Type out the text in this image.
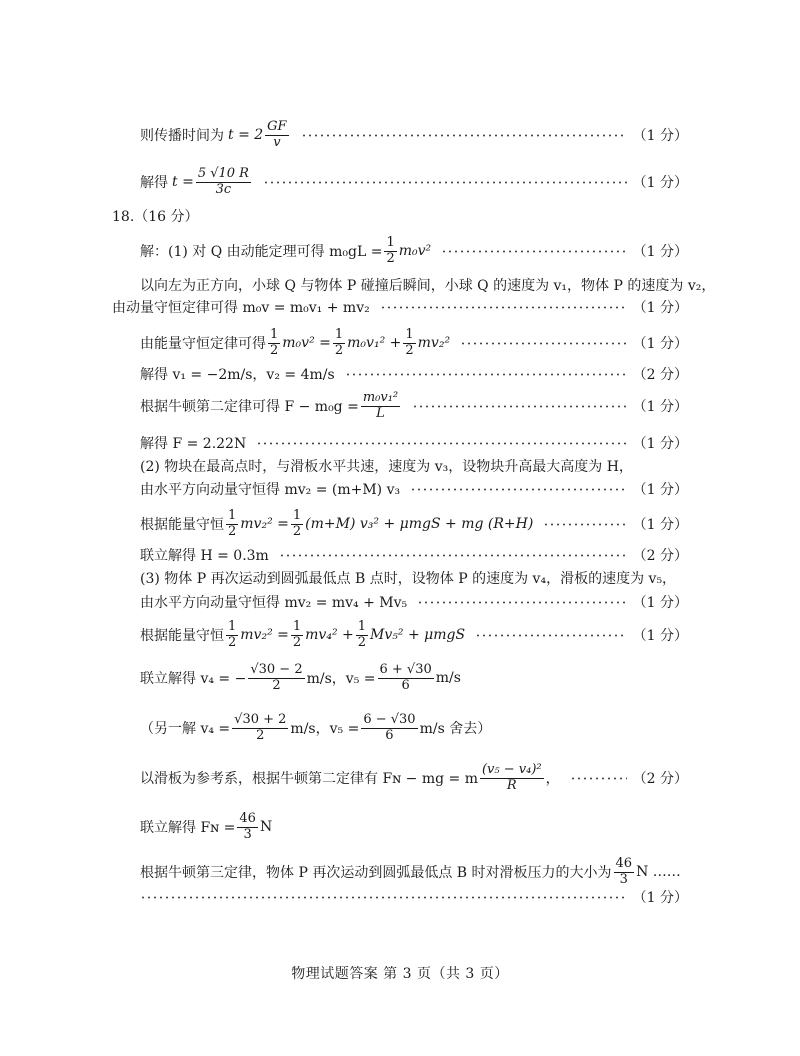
则传播时间为 $t = 2 \frac{GF}{v}$	（1 分）
解得 $t = \frac{5 √10 R}{3c}$	（1 分）
18.（16 分）
解：(1) 对 Q 由动能定理可得 $m_0gL = \frac{1}{2} m_0v^2$	（1 分）
以向左为正方向，小球 Q 与物体 P 碰撞后瞬间，小球 Q 的速度为 v₁，物体 P 的速度为 v₂，
由动量守恒定律可得 m₀v = m₀v₁ + mv₂	（1 分）
由能量守恒定律可得 $\frac{1}{2} m_0v^2 = \frac{1}{2} m_0v_1^2 + \frac{1}{2} mv_2^2$	（1 分）
解得 v₁ = −2m/s，v₂ = 4m/s	（2 分）
根据牛顿第二定律可得 $F - m_0g = \frac{\text{m₀v₁²}}{L}$	（1 分）
解得 F = 2.22N	（1 分）
(2) 物块在最高点时，与滑板水平共速，速度为 v₃，设物块升高最大高度为 H，
由水平方向动量守恒得 mv₂ = (m+M) v₃	（1 分）
根据能量守恒 $\frac{1}{2} mv_2^2 = \frac{1}{2} (m+M) v_3^2 + \mu mgS$ + mg (R+H)	（1 分）
联立解得 H = 0.3m	（2 分）
(3) 物体 P 再次运动到圆弧最低点 B 点时，设物体 P 的速度为 v₄，滑板的速度为 v₅，
由水平方向动量守恒得 mv₂ = mv₄ + Mv₅	（1 分）
根据能量守恒 $\frac{1}{2} mv_2^2 = \frac{1}{2} mv_4^2 + \frac{1}{2} Mv_5^2 + \mu mgS$	（1 分）
联立解得 v₄ = − $\frac{√30 - 2}{2} m/s$，$v_5 = \frac{6 + √30}{6} m/s$
（另一解 $v_4 = \frac{√30 + 2}{2} m/s$，$v_5 = \frac{6 - √30}{6} m/s$ 舍去）
以滑板为参考系，根据牛顿第二定律有 Fɴ − mg = m $\frac{\text{(v₅ − v₄)²}}{R}$ ，	（2 分）
联立解得 Fɴ = $\frac{46}{3}$ N
根据牛顿第三定律，物体 P 再次运动到圆弧最低点 B 时对滑板压力的大小为 $\frac{46}{3}$ N ……
（1 分）
物理试题答案 第 3 页（共 3 页）
